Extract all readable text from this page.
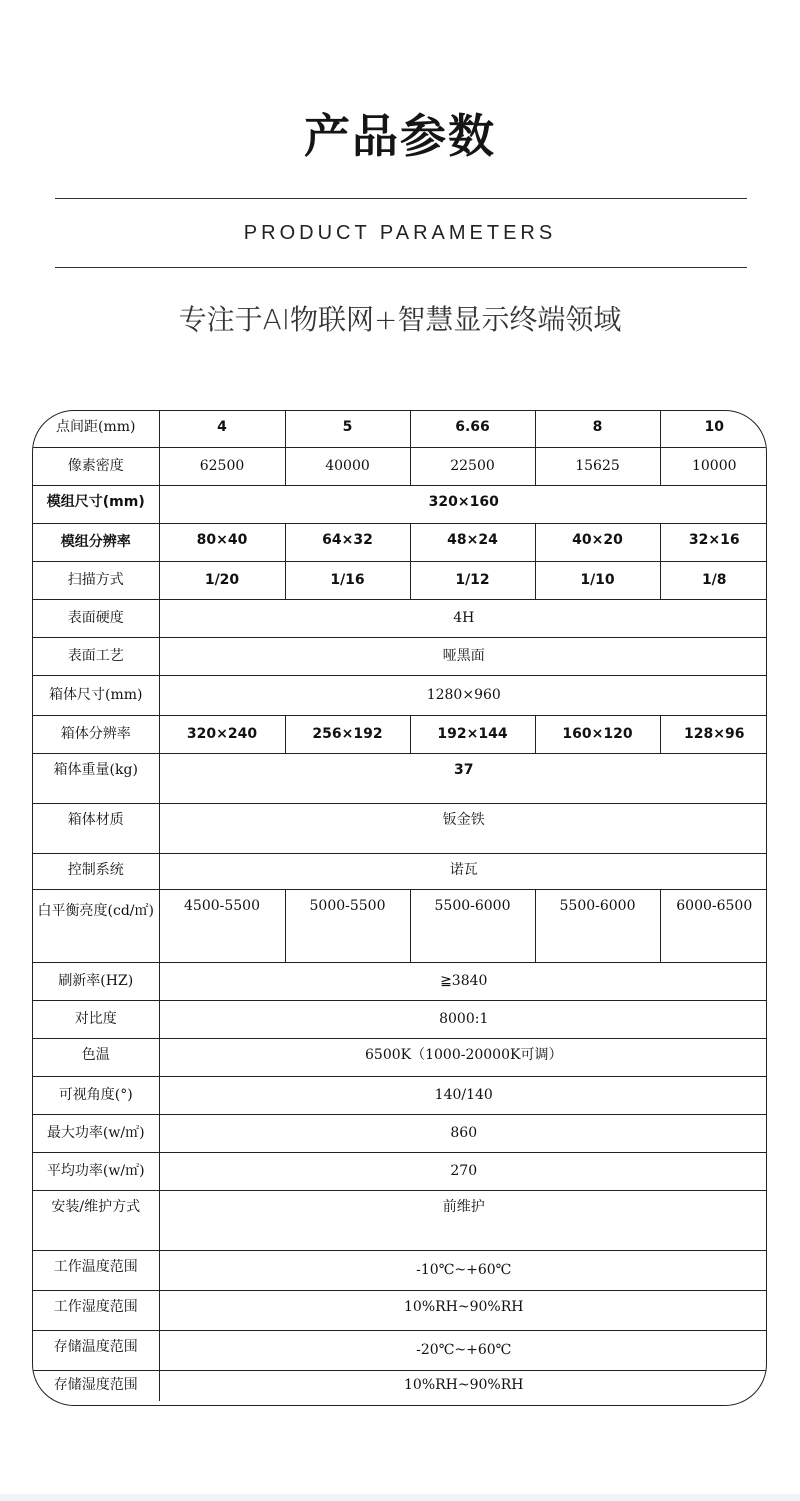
产品参数
PRODUCT PARAMETERS
专注于AI物联网+智慧显示终端领域
点间距(mm)	4	5	6.66	8	10
像素密度	62500	40000	22500	15625	10000
模组尺寸(mm)	320×160				
模组分辨率	80×40	64×32	48×24	40×20	32×16
扫描方式	1/20	1/16	1/12	1/10	1/8
表面硬度	4H				
表面工艺	哑黑面				
箱体尺寸(mm)	1280×960				
箱体分辨率	320×240	256×192	192×144	160×120	128×96
箱体重量(kg)	37				
箱体材质	钣金铁				
控制系统	诺瓦				
白平衡亮度(cd/㎡)	4500-5500	5000-5500	5500-6000	5500-6000	6000-6500
刷新率(HZ)	≧3840				
对比度	8000:1				
色温	6500K（1000-20000K可调）				
可视角度(°)	140/140				
最大功率(w/㎡)	860				
平均功率(w/㎡)	270				
安装/维护方式	前维护				
工作温度范围	-10℃~+60℃				
工作湿度范围	10%RH~90%RH				
存储温度范围	-20℃~+60℃				
存储湿度范围	10%RH~90%RH				
